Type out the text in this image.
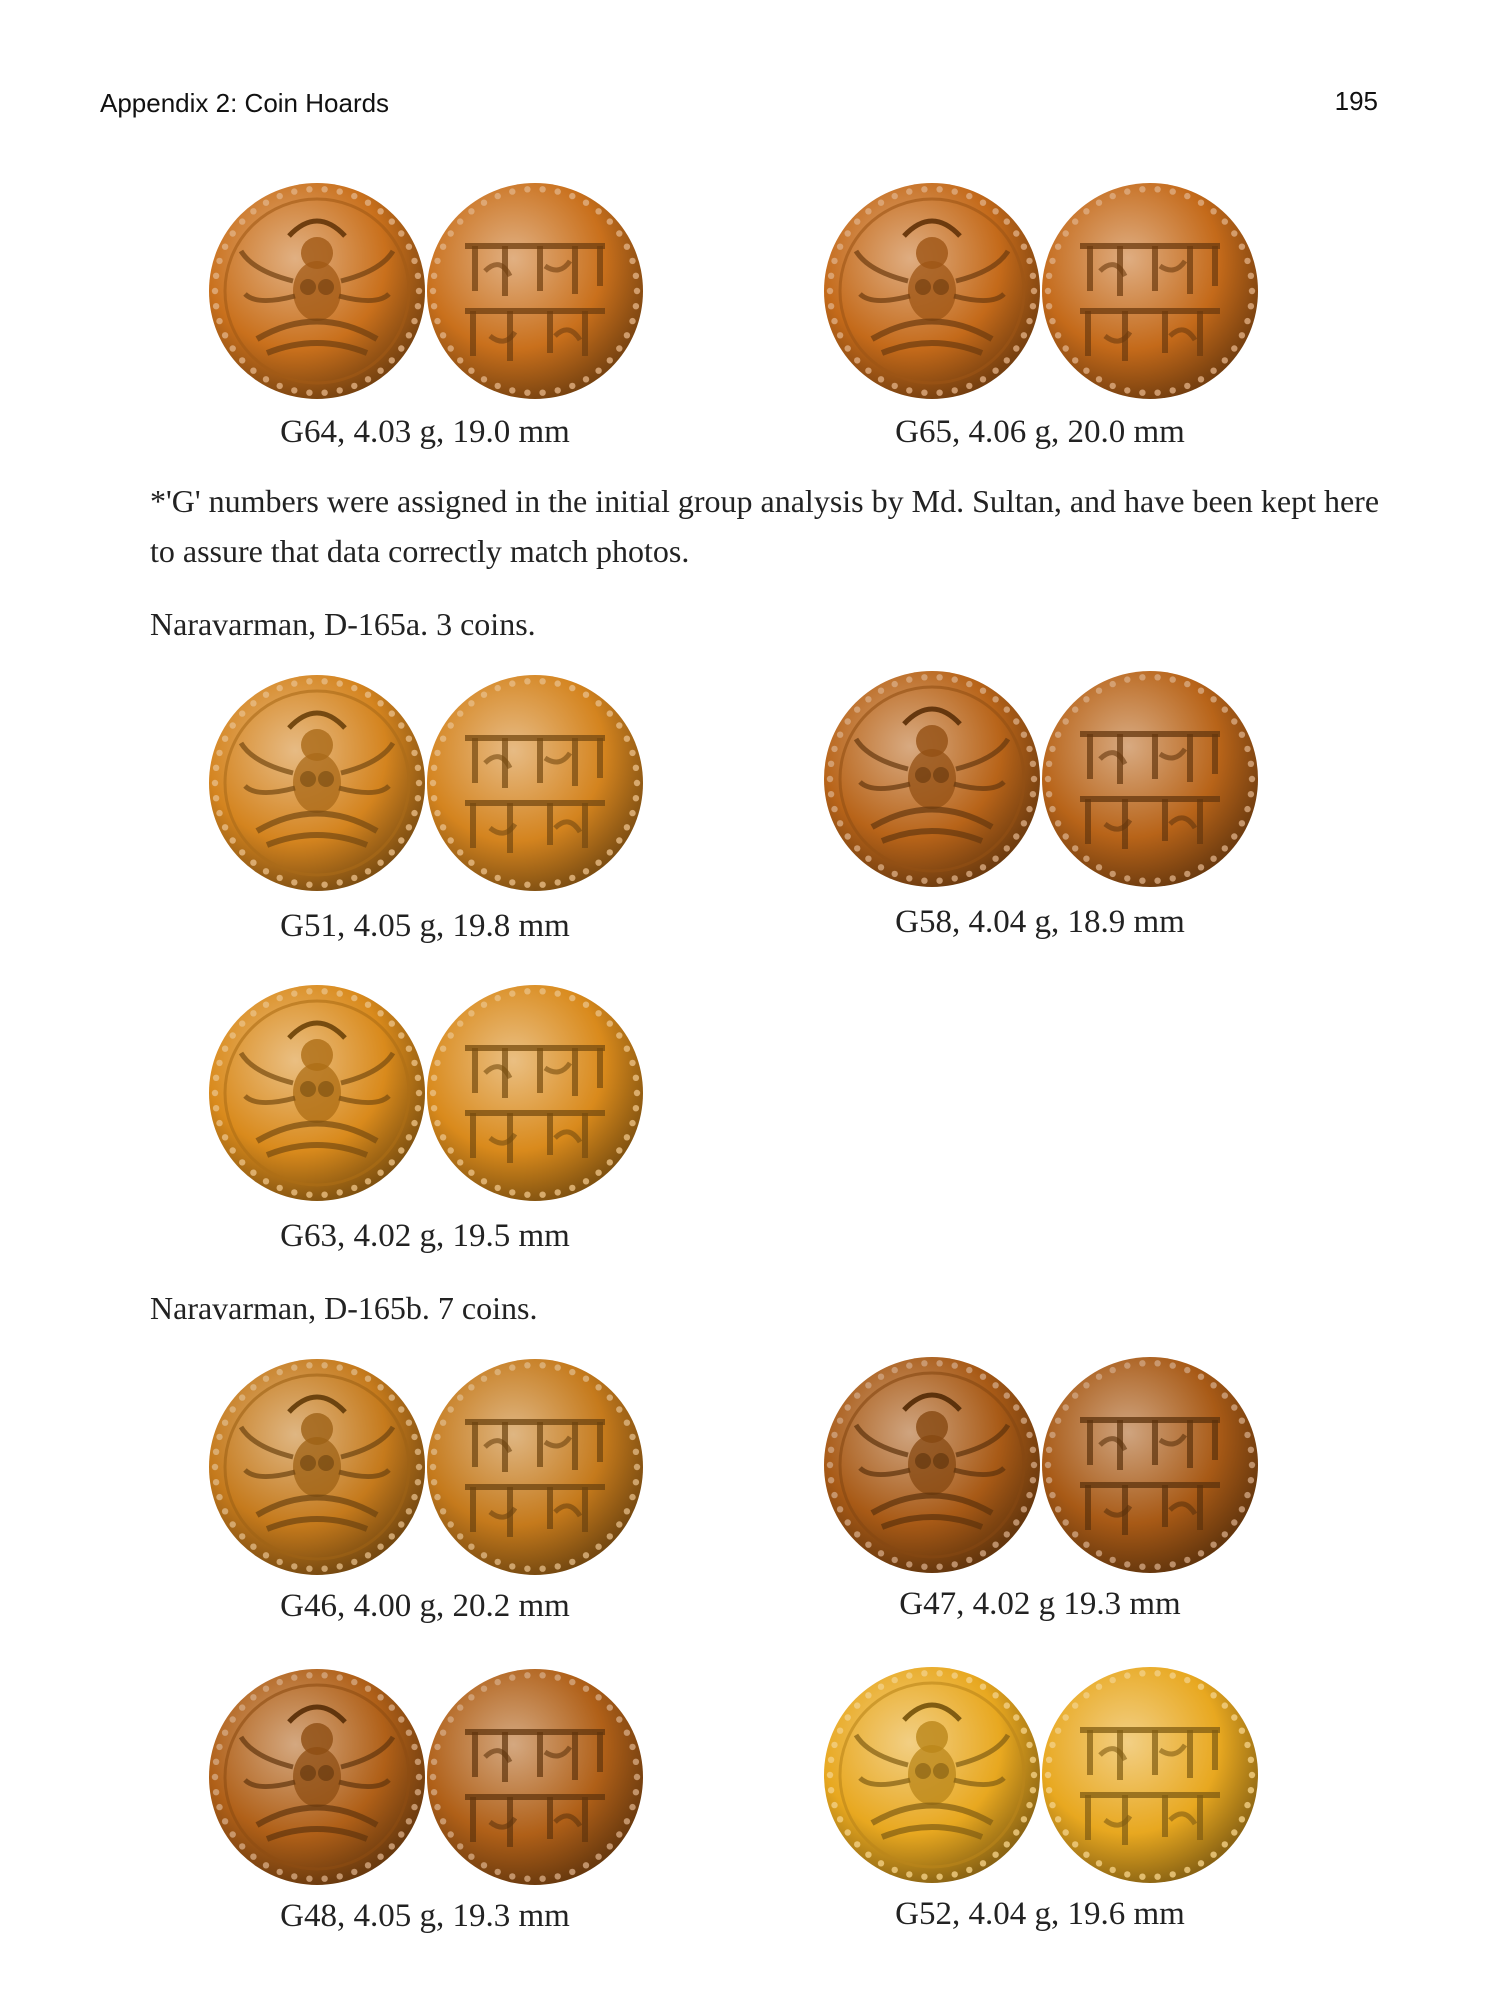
Appendix 2: Coin Hoards	195
G64, 4.03 g, 19.0 mm	G65, 4.06 g, 20.0 mm
*'G' numbers were assigned in the initial group analysis by Md. Sultan, and have been kept here to assure that data correctly match photos.
Naravarman, D-165a. 3 coins.
G51, 4.05 g, 19.8 mm	G58, 4.04 g, 18.9 mm
G63, 4.02 g, 19.5 mm
Naravarman, D-165b. 7 coins.
G46, 4.00 g, 20.2 mm	G47, 4.02 g 19.3 mm
G48, 4.05 g, 19.3 mm	G52, 4.04 g, 19.6 mm
